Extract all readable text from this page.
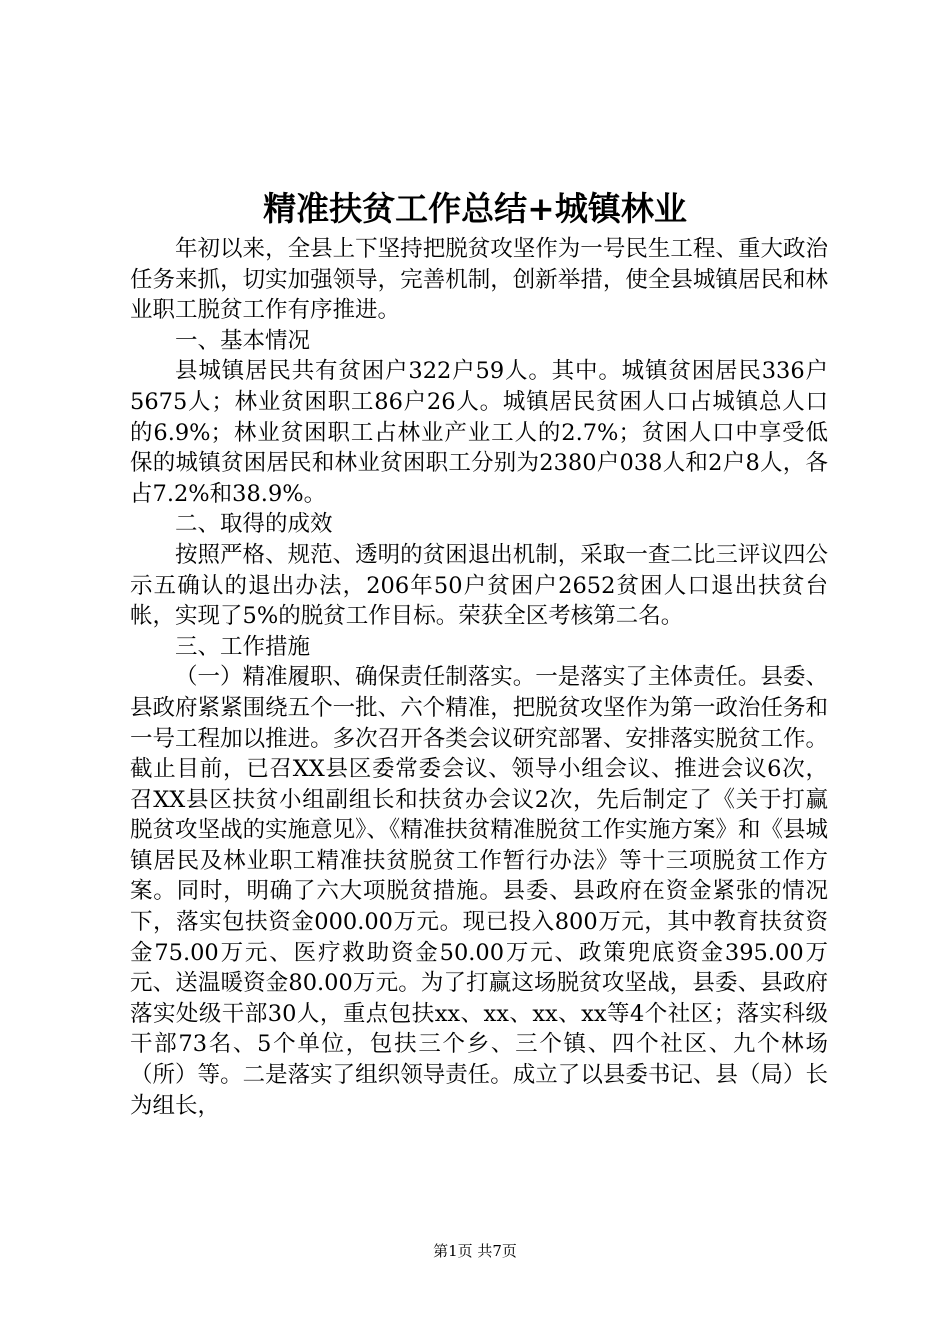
精准扶贫工作总结+城镇林业

年初以来，全县上下坚持把脱贫攻坚作为一号民生工程、重大政治任务来抓，切实加强领导，完善机制，创新举措，使全县城镇居民和林业职工脱贫工作有序推进。

一、基本情况

县城镇居民共有贫困户322户59人。其中。城镇贫困居民336户5675人；林业贫困职工86户26人。城镇居民贫困人口占城镇总人口的6.9%；林业贫困职工占林业产业工人的2.7%；贫困人口中享受低保的城镇贫困居民和林业贫困职工分别为2380户038人和2户8人，各占7.2%和38.9%。

二、取得的成效

按照严格、规范、透明的贫困退出机制，采取一查二比三评议四公示五确认的退出办法，206年50户贫困户2652贫困人口退出扶贫台帐，实现了5%的脱贫工作目标。荣获全区考核第二名。

三、工作措施

（一）精准履职、确保责任制落实。一是落实了主体责任。县委、县政府紧紧围绕五个一批、六个精准，把脱贫攻坚作为第一政治任务和一号工程加以推进。多次召开各类会议研究部署、安排落实脱贫工作。截止目前，已召XX县区委常委会议、领导小组会议、推进会议6次，召XX县区扶贫小组副组长和扶贫办会议2次，先后制定了《关于打赢脱贫攻坚战的实施意见》、《精准扶贫精准脱贫工作实施方案》和《县城镇居民及林业职工精准扶贫脱贫工作暂行办法》等十三项脱贫工作方案。同时，明确了六大项脱贫措施。县委、县政府在资金紧张的情况下，落实包扶资金000.00万元。现已投入800万元，其中教育扶贫资金75.00万元、医疗救助资金50.00万元、政策兜底资金395.00万元、送温暖资金80.00万元。为了打赢这场脱贫攻坚战，县委、县政府落实处级干部30人，重点包扶xx、xx、xx、xx等4个社区；落实科级干部73名、5个单位，包扶三个乡、三个镇、四个社区、九个林场（所）等。二是落实了组织领导责任。成立了以县委书记、县（局）长为组长，

第1页 共7页
